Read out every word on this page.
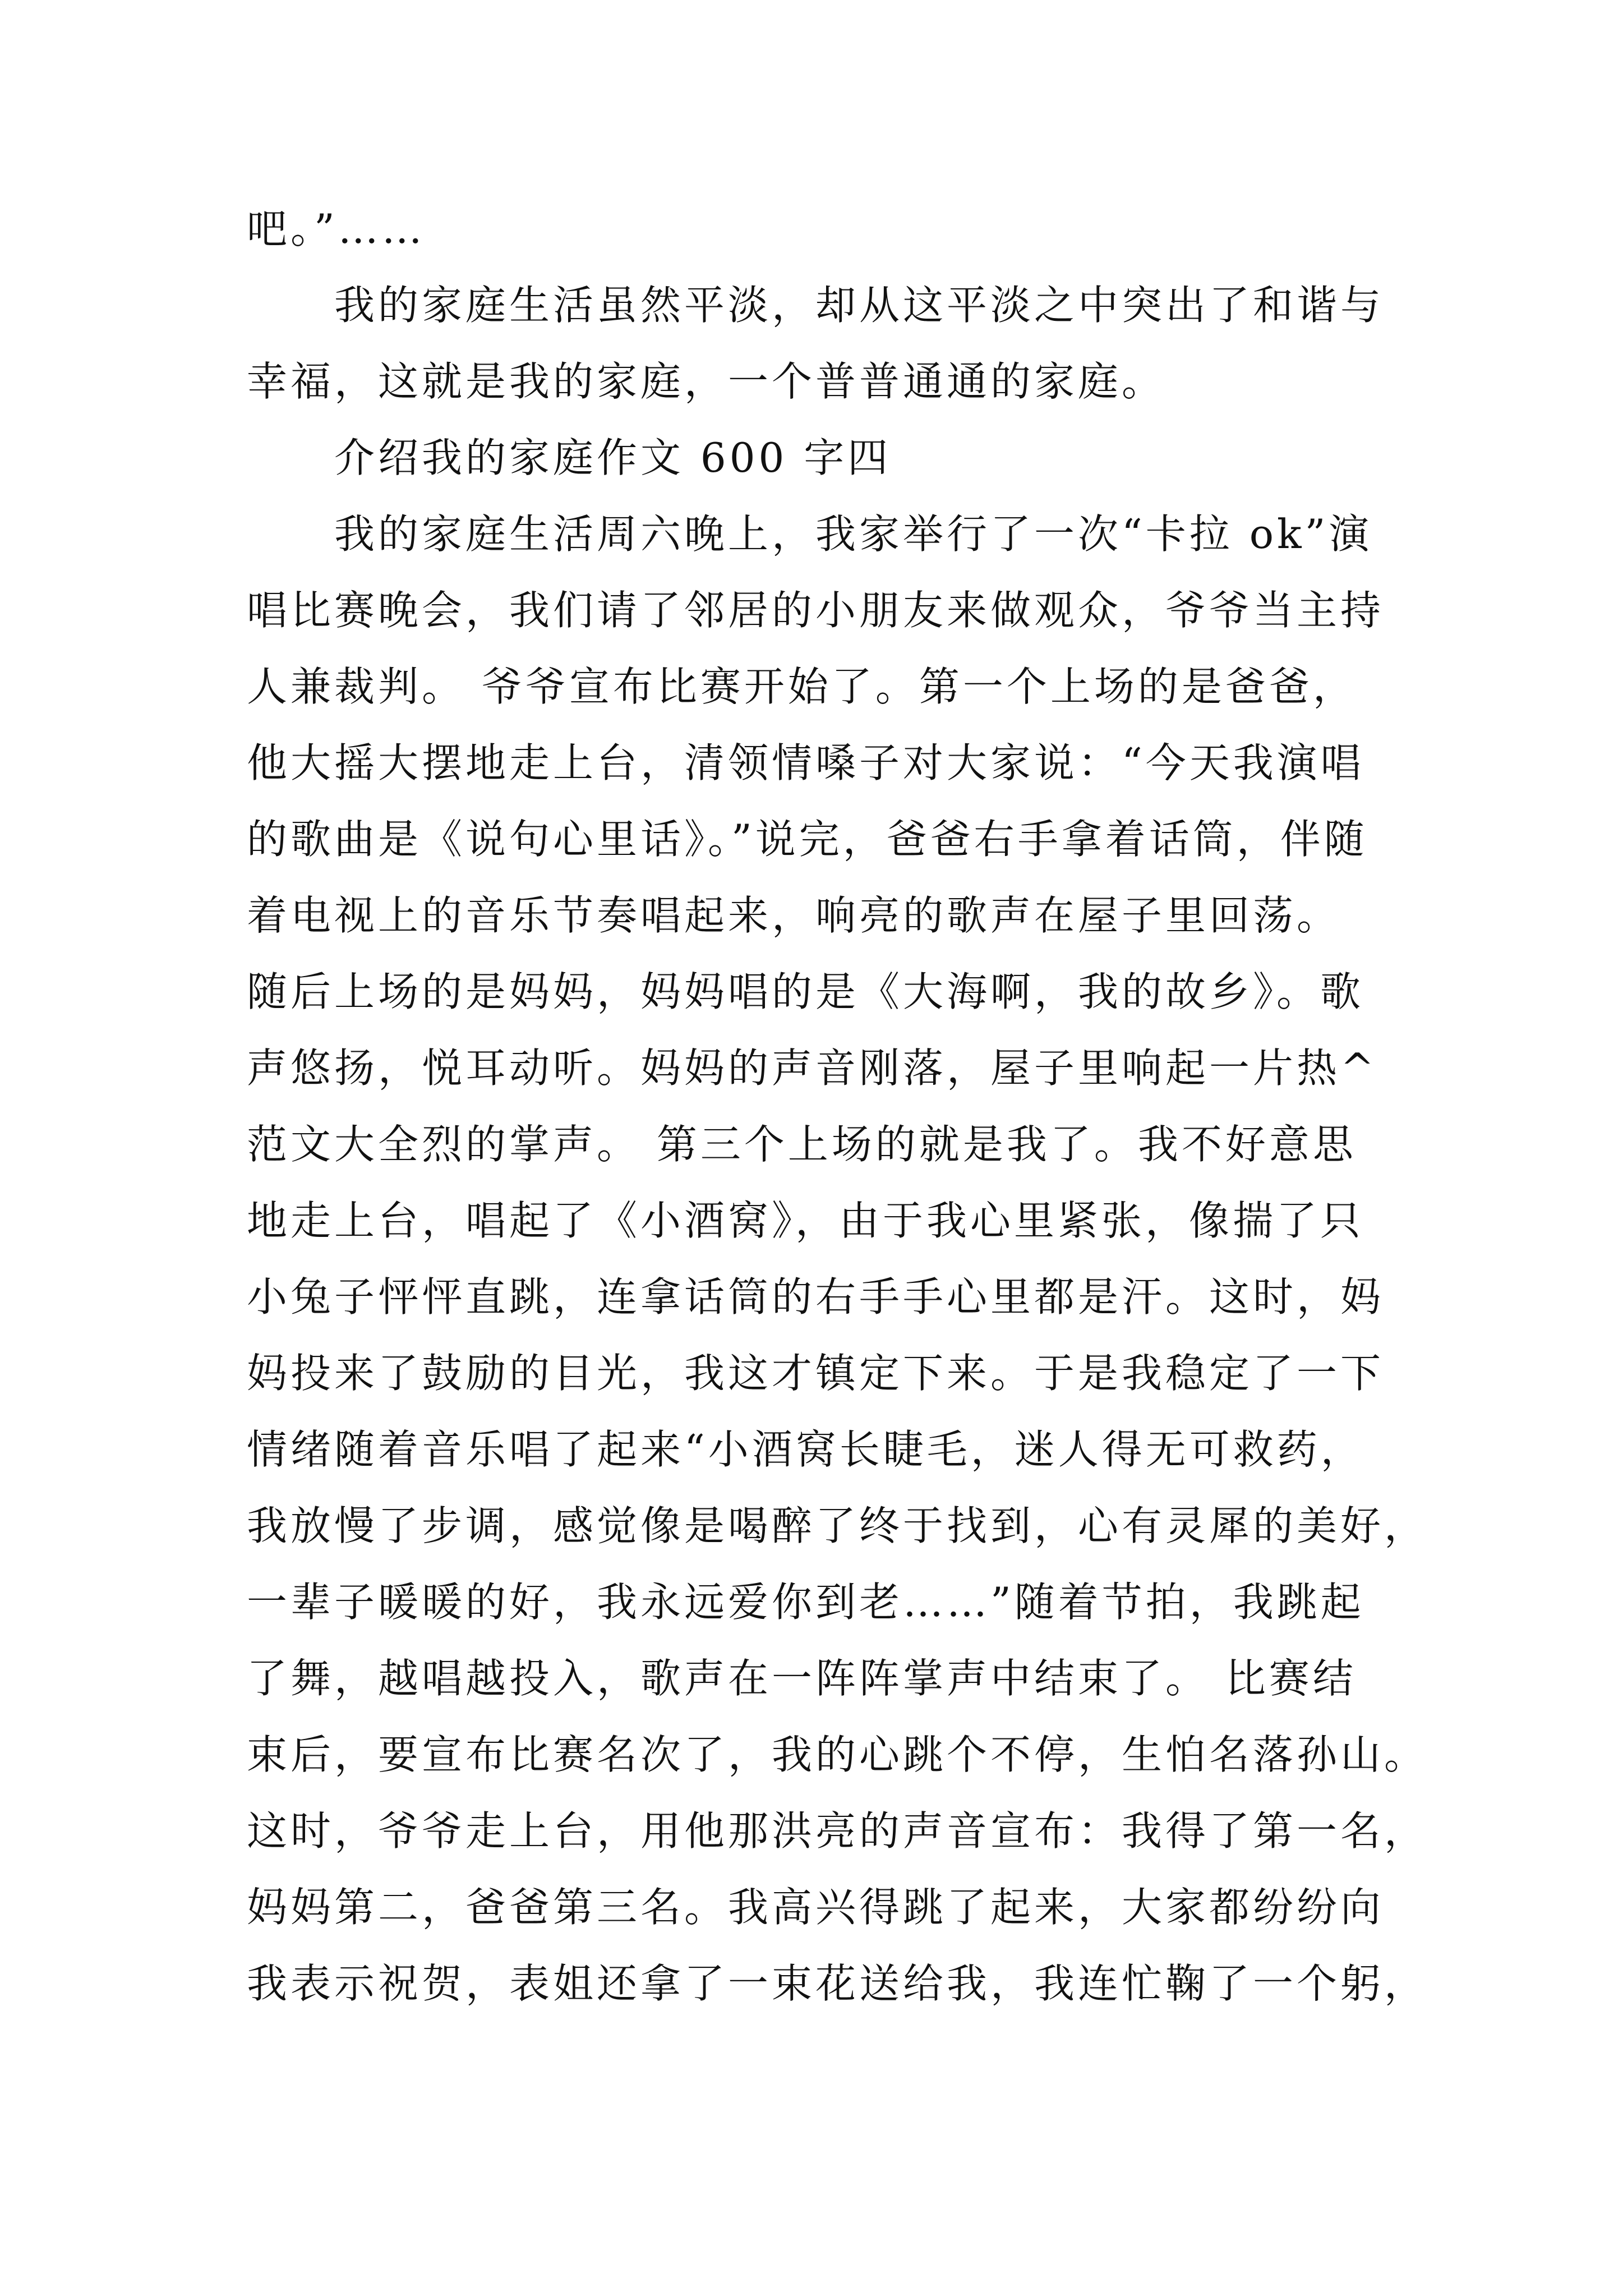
吧。”……
我的家庭生活虽然平淡，却从这平淡之中突出了和谐与
幸福，这就是我的家庭，一个普普通通的家庭。
介绍我的家庭作文 600 字四
我的家庭生活周六晚上，我家举行了一次“卡拉 ok”演
唱比赛晚会，我们请了邻居的小朋友来做观众，爷爷当主持
人兼裁判。 爷爷宣布比赛开始了。第一个上场的是爸爸，
他大摇大摆地走上台，清领情嗓子对大家说：“今天我演唱
的歌曲是《说句心里话》。”说完，爸爸右手拿着话筒，伴随
着电视上的音乐节奏唱起来，响亮的歌声在屋子里回荡。
随后上场的是妈妈，妈妈唱的是《大海啊，我的故乡》。歌
声悠扬，悦耳动听。妈妈的声音刚落，屋子里响起一片热^
范文大全烈的掌声。 第三个上场的就是我了。我不好意思
地走上台，唱起了《小酒窝》，由于我心里紧张，像揣了只
小兔子怦怦直跳，连拿话筒的右手手心里都是汗。这时，妈
妈投来了鼓励的目光，我这才镇定下来。于是我稳定了一下
情绪随着音乐唱了起来“小酒窝长睫毛，迷人得无可救药，
我放慢了步调，感觉像是喝醉了终于找到，心有灵犀的美好，
一辈子暖暖的好，我永远爱你到老……”随着节拍，我跳起
了舞，越唱越投入，歌声在一阵阵掌声中结束了。 比赛结
束后，要宣布比赛名次了，我的心跳个不停，生怕名落孙山。
这时，爷爷走上台，用他那洪亮的声音宣布：我得了第一名，
妈妈第二，爸爸第三名。我高兴得跳了起来，大家都纷纷向
我表示祝贺，表姐还拿了一束花送给我，我连忙鞠了一个躬，
